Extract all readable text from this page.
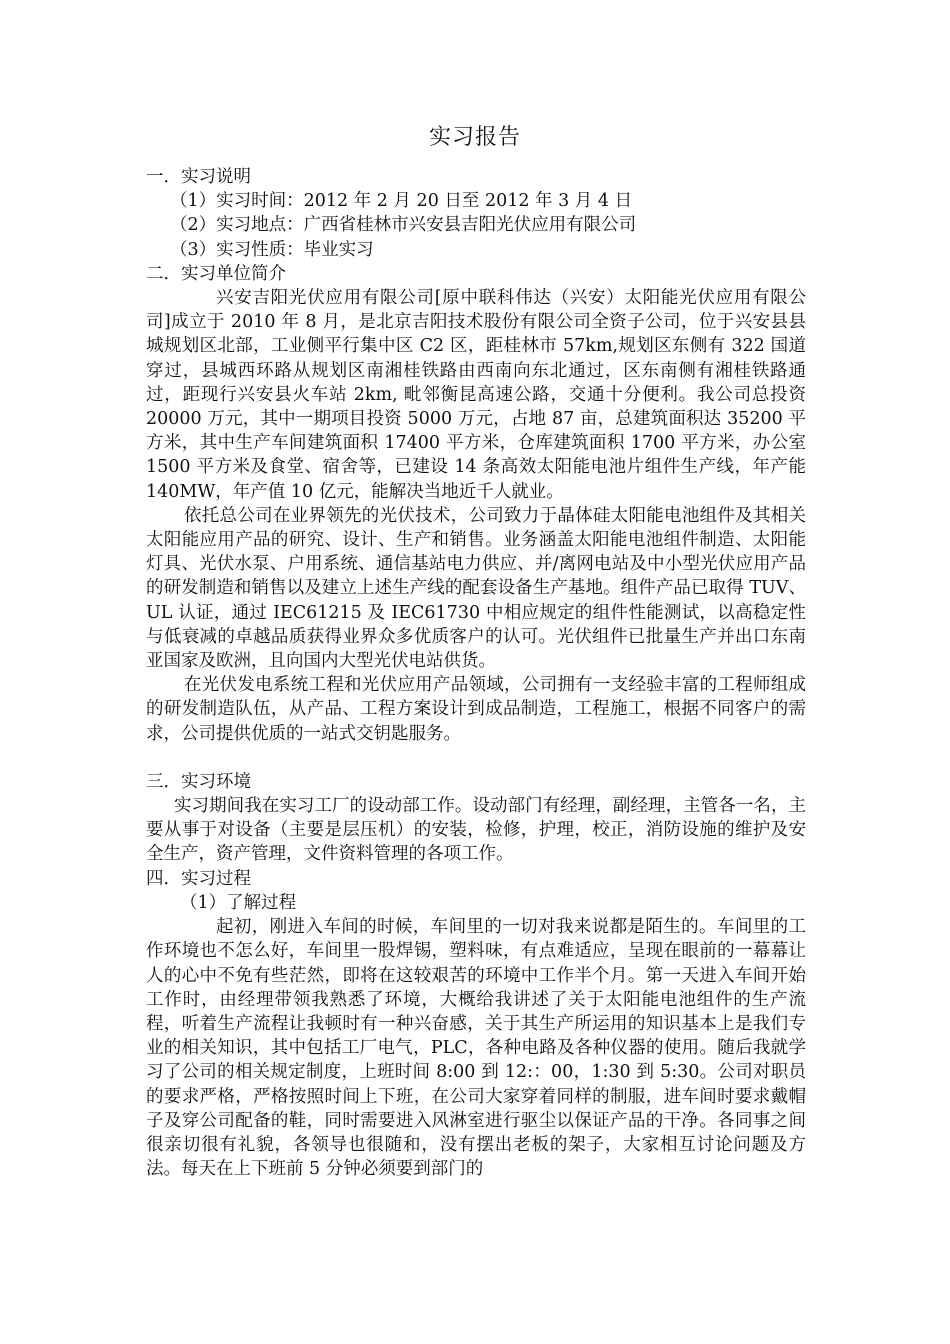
实习报告

一．实习说明

（1）实习时间：2012 年 2 月 20 日至 2012 年 3 月 4 日

（2）实习地点：广西省桂林市兴安县吉阳光伏应用有限公司

（3）实习性质：毕业实习

二．实习单位简介

兴安吉阳光伏应用有限公司[原中联科伟达（兴安）太阳能光伏应用有限公司]成立于 2010 年 8 月，是北京吉阳技术股份有限公司全资子公司，位于兴安县县城规划区北部，工业侧平行集中区 C2 区，距桂林市 57km,规划区东侧有 322 国道穿过，县城西环路从规划区南湘桂铁路由西南向东北通过，区东南侧有湘桂铁路通过，距现行兴安县火车站 2km, 毗邻衡昆高速公路，交通十分便利。我公司总投资 20000 万元，其中一期项目投资 5000 万元，占地 87 亩，总建筑面积达 35200 平方米，其中生产车间建筑面积 17400 平方米，仓库建筑面积 1700 平方米，办公室 1500 平方米及食堂、宿舍等，已建设 14 条高效太阳能电池片组件生产线，年产能 140MW，年产值 10 亿元，能解决当地近千人就业。

依托总公司在业界领先的光伏技术，公司致力于晶体硅太阳能电池组件及其相关太阳能应用产品的研究、设计、生产和销售。业务涵盖太阳能电池组件制造、太阳能灯具、光伏水泵、户用系统、通信基站电力供应、并/离网电站及中小型光伏应用产品的研发制造和销售以及建立上述生产线的配套设备生产基地。组件产品已取得 TUV、UL 认证，通过 IEC61215 及 IEC61730 中相应规定的组件性能测试，以高稳定性与低衰减的卓越品质获得业界众多优质客户的认可。光伏组件已批量生产并出口东南亚国家及欧洲，且向国内大型光伏电站供货。

在光伏发电系统工程和光伏应用产品领域，公司拥有一支经验丰富的工程师组成的研发制造队伍，从产品、工程方案设计到成品制造，工程施工，根据不同客户的需求，公司提供优质的一站式交钥匙服务。

三．实习环境

实习期间我在实习工厂的设动部工作。设动部门有经理，副经理，主管各一名，主要从事于对设备（主要是层压机）的安装，检修，护理，校正，消防设施的维护及安全生产，资产管理，文件资料管理的各项工作。

四．实习过程

（1）了解过程

起初，刚进入车间的时候，车间里的一切对我来说都是陌生的。车间里的工作环境也不怎么好，车间里一股焊锡，塑料味，有点难适应，呈现在眼前的一幕幕让人的心中不免有些茫然，即将在这较艰苦的环境中工作半个月。第一天进入车间开始工作时，由经理带领我熟悉了环境，大概给我讲述了关于太阳能电池组件的生产流程，听着生产流程让我顿时有一种兴奋感，关于其生产所运用的知识基本上是我们专业的相关知识，其中包括工厂电气，PLC，各种电路及各种仪器的使用。随后我就学习了公司的相关规定制度，上班时间 8:00 到 12:：00，1:30 到 5:30。公司对职员的要求严格，严格按照时间上下班，在公司大家穿着同样的制服，进车间时要求戴帽子及穿公司配备的鞋，同时需要进入风淋室进行驱尘以保证产品的干净。各同事之间很亲切很有礼貌，各领导也很随和，没有摆出老板的架子，大家相互讨论问题及方法。每天在上下班前 5 分钟必须要到部门的
